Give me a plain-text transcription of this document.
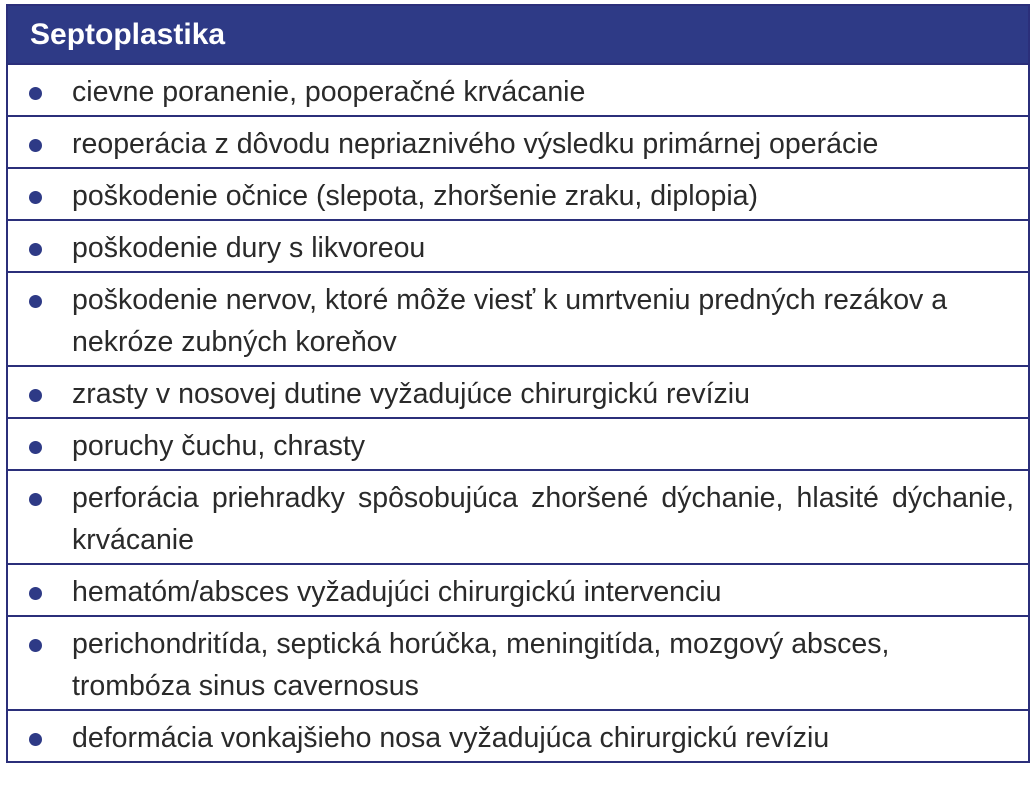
Septoplastika
cievne poranenie, pooperačné krvácanie
reoperácia z dôvodu nepriaznivého výsledku primárnej operácie
poškodenie očnice (slepota, zhoršenie zraku, diplopia)
poškodenie dury s likvoreou
poškodenie nervov, ktoré môže viesť k umrtveniu predných rezákov a nekróze zubných koreňov
zrasty v nosovej dutine vyžadujúce chirurgickú revíziu
poruchy čuchu, chrasty
perforácia priehradky spôsobujúca zhoršené dýchanie, hlasité dýchanie, krvácanie
hematóm/absces vyžadujúci chirurgickú intervenciu
perichondritída, septická horúčka, meningitída, mozgový absces, trombóza sinus cavernosus
deformácia vonkajšieho nosa vyžadujúca chirurgickú revíziu
